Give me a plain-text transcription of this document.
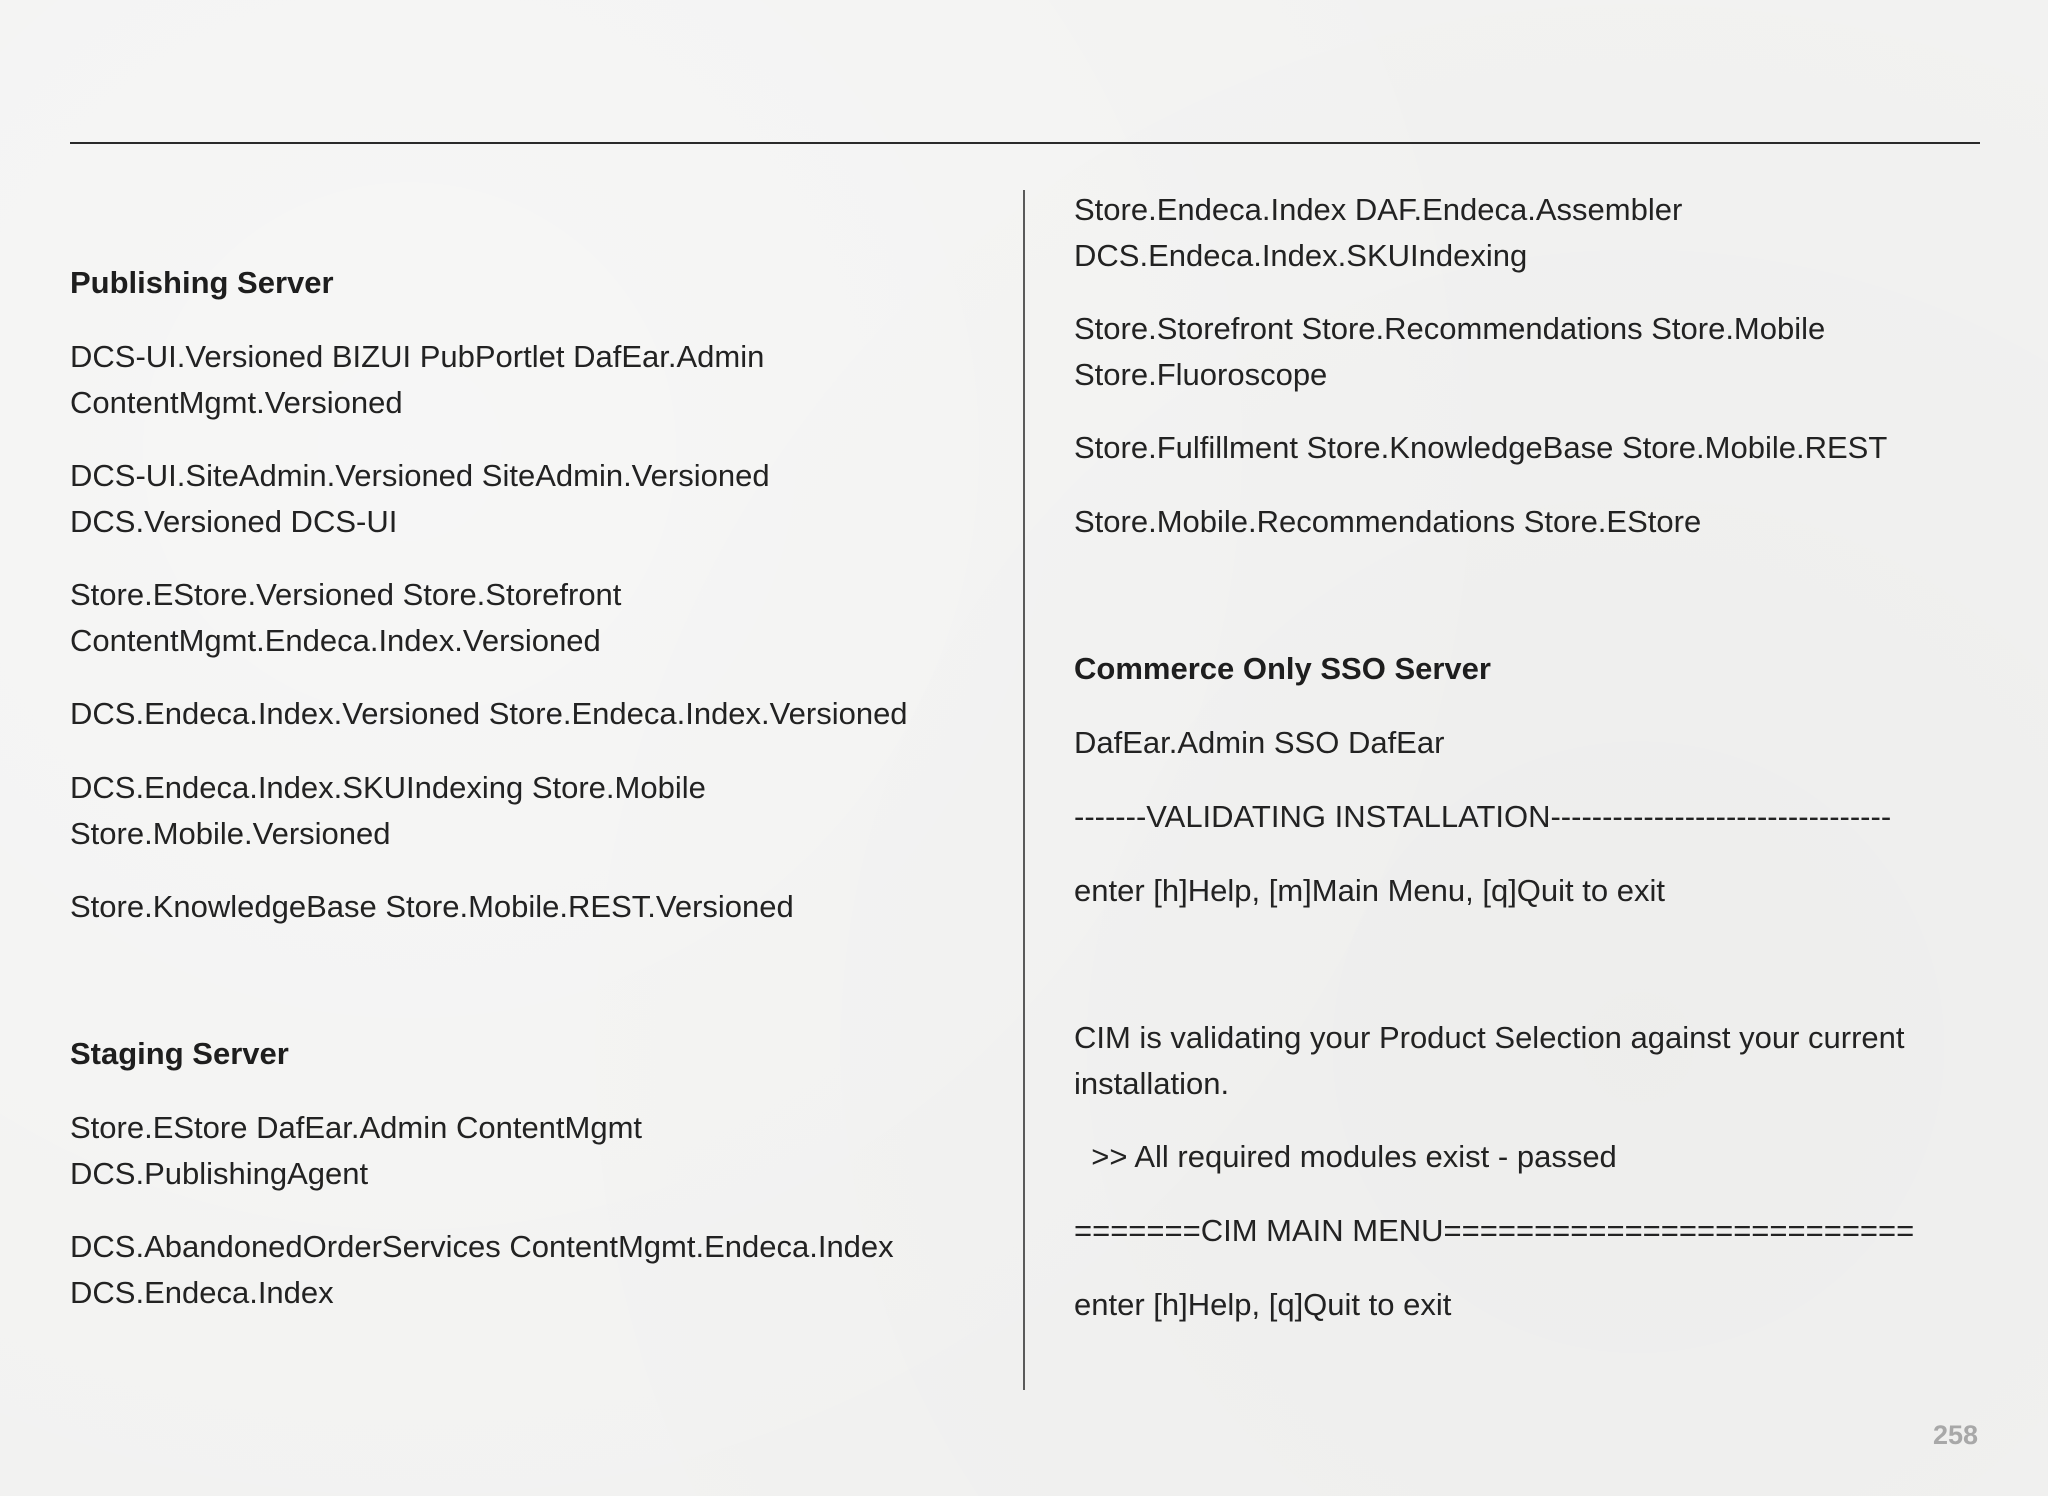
Publishing Server
DCS-UI.Versioned BIZUI PubPortlet DafEar.Admin
ContentMgmt.Versioned
DCS-UI.SiteAdmin.Versioned SiteAdmin.Versioned
DCS.Versioned DCS-UI
Store.EStore.Versioned Store.Storefront
ContentMgmt.Endeca.Index.Versioned
DCS.Endeca.Index.Versioned Store.Endeca.Index.Versioned
DCS.Endeca.Index.SKUIndexing Store.Mobile
Store.Mobile.Versioned
Store.KnowledgeBase Store.Mobile.REST.Versioned
Staging Server
Store.EStore DafEar.Admin ContentMgmt
DCS.PublishingAgent
DCS.AbandonedOrderServices ContentMgmt.Endeca.Index
DCS.Endeca.Index
Store.Endeca.Index DAF.Endeca.Assembler
DCS.Endeca.Index.SKUIndexing
Store.Storefront Store.Recommendations Store.Mobile
Store.Fluoroscope
Store.Fulfillment Store.KnowledgeBase Store.Mobile.REST
Store.Mobile.Recommendations Store.EStore
Commerce Only SSO Server
DafEar.Admin SSO DafEar
-------VALIDATING INSTALLATION---------------------------------
enter [h]Help, [m]Main Menu, [q]Quit to exit
CIM is validating your Product Selection against your current
installation.
>> All required modules exist - passed
=======CIM MAIN MENU==========================
enter [h]Help, [q]Quit to exit
258
